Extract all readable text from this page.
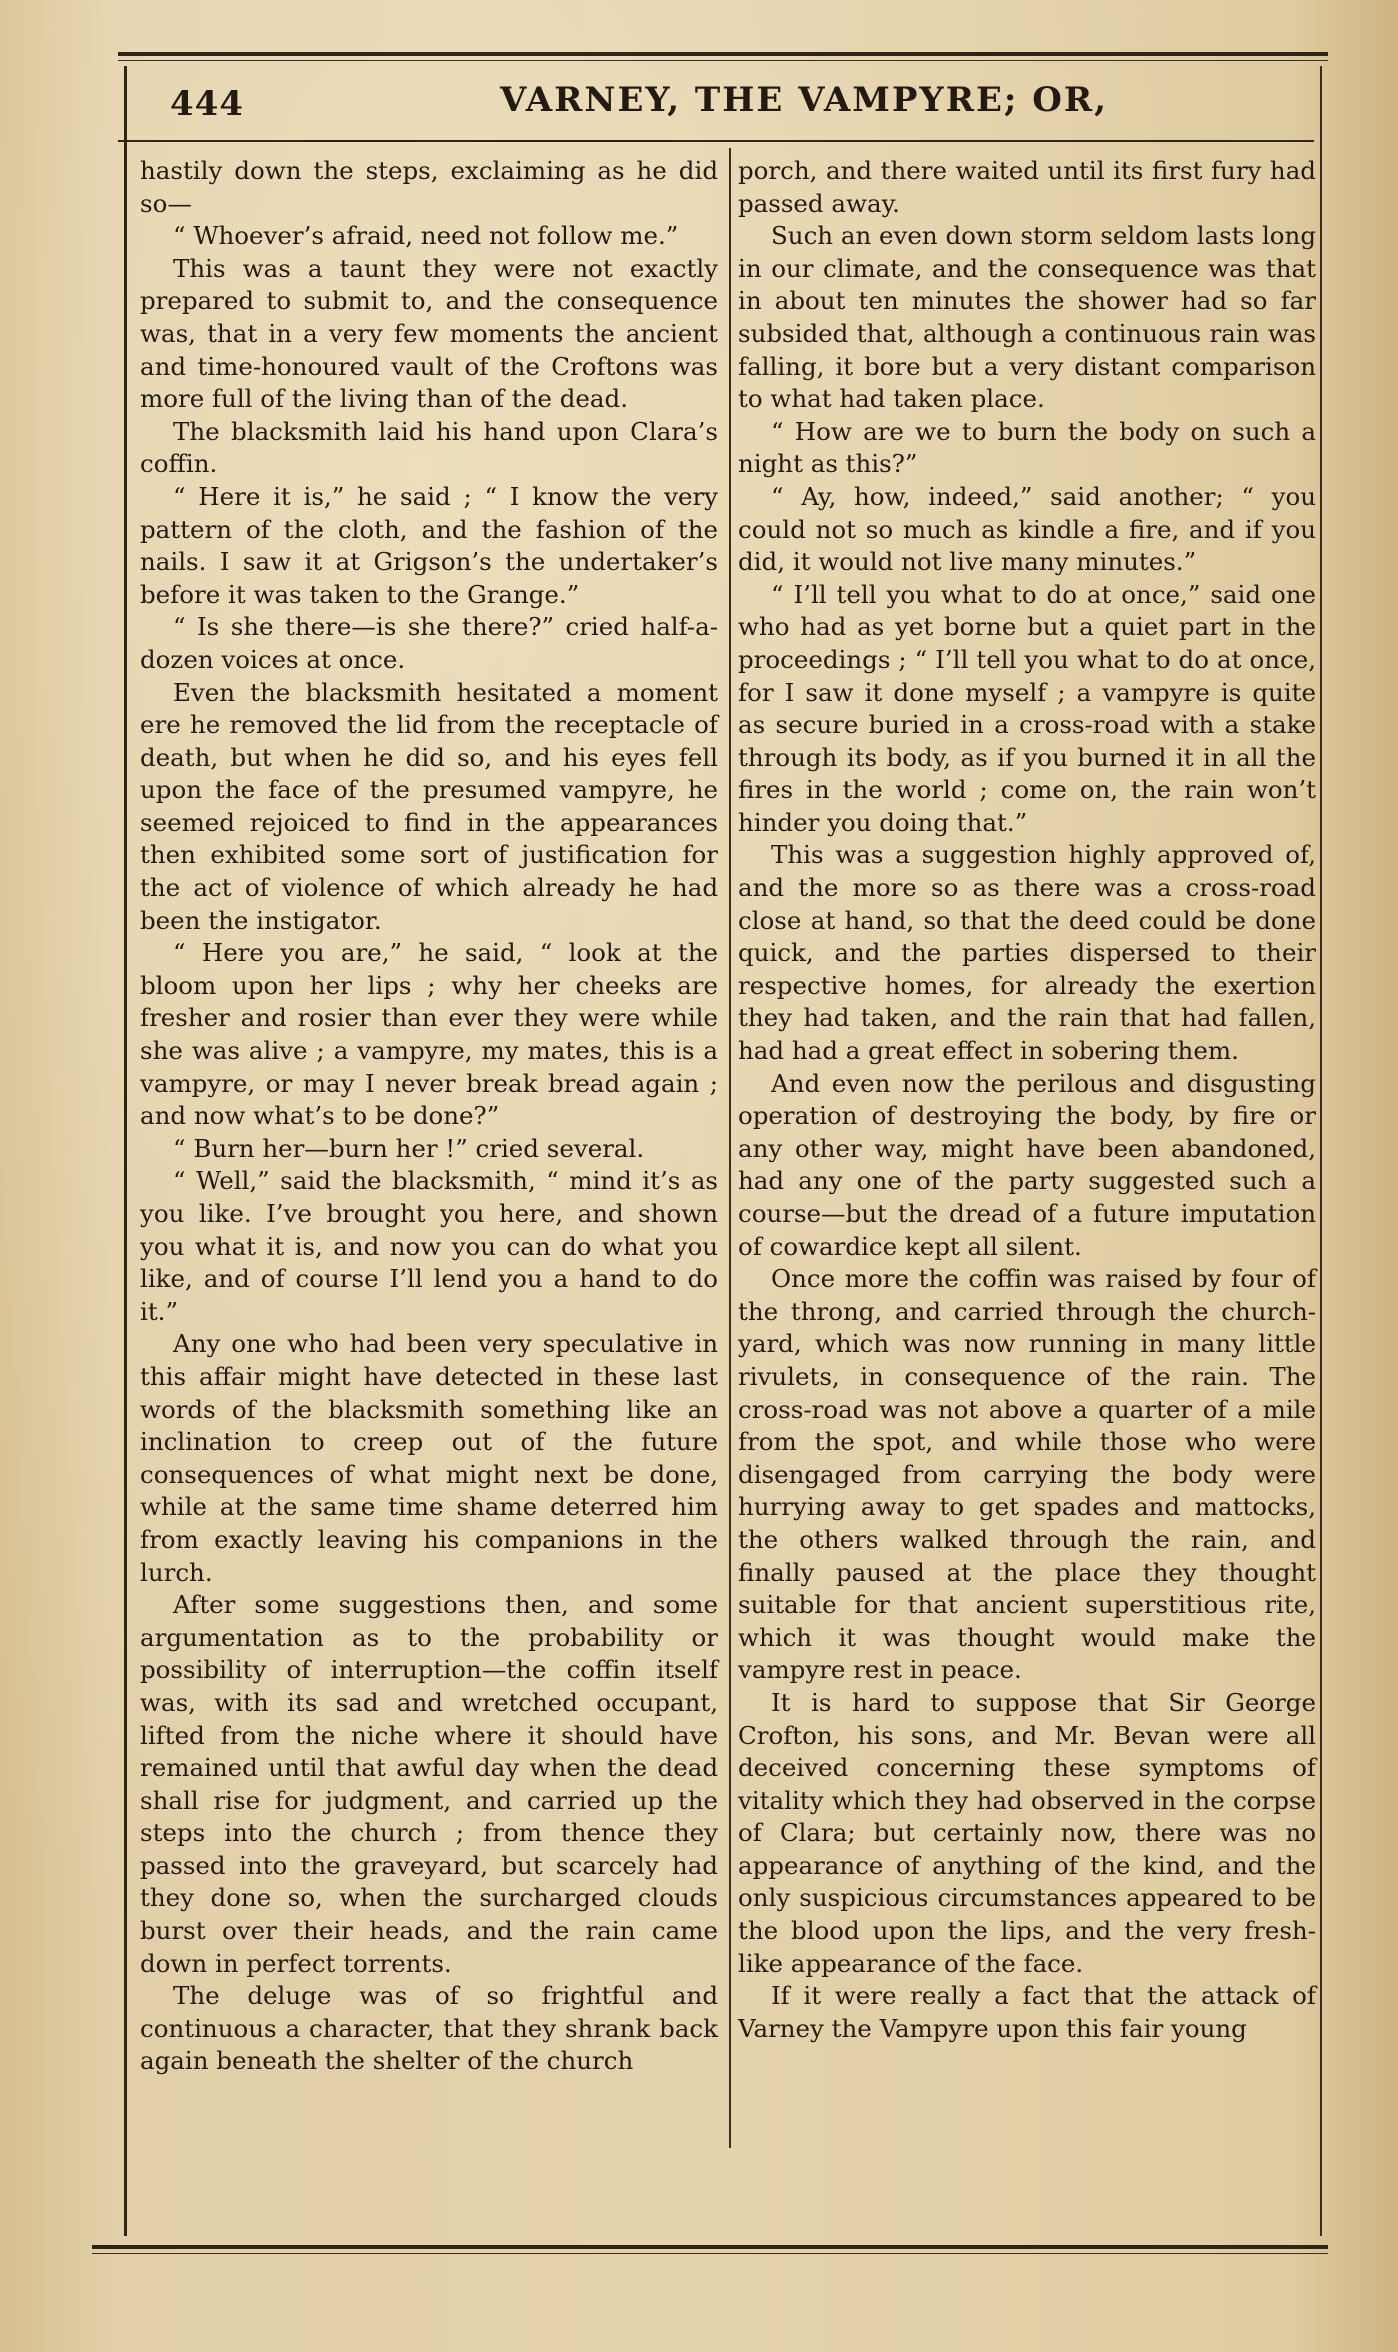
444	VARNEY, THE VAMPYRE; OR,

hastily down the steps, exclaiming as he did so—

“ Whoever’s afraid, need not follow me.”

This was a taunt they were not exactly prepared to submit to, and the consequence was, that in a very few moments the ancient and time-honoured vault of the Croftons was more full of the living than of the dead.

The blacksmith laid his hand upon Clara’s coffin.

“ Here it is,” he said ; “ I know the very pattern of the cloth, and the fashion of the nails. I saw it at Grigson’s the undertaker’s before it was taken to the Grange.”

“ Is she there—is she there?” cried half-a-dozen voices at once.

Even the blacksmith hesitated a moment ere he removed the lid from the receptacle of death, but when he did so, and his eyes fell upon the face of the presumed vampyre, he seemed rejoiced to find in the appearances then exhibited some sort of justification for the act of violence of which already he had been the instigator.

“ Here you are,” he said, “ look at the bloom upon her lips ; why her cheeks are fresher and rosier than ever they were while she was alive ; a vampyre, my mates, this is a vampyre, or may I never break bread again ; and now what’s to be done?”

“ Burn her—burn her !” cried several.

“ Well,” said the blacksmith, “ mind it’s as you like. I’ve brought you here, and shown you what it is, and now you can do what you like, and of course I’ll lend you a hand to do it.”

Any one who had been very speculative in this affair might have detected in these last words of the blacksmith something like an inclination to creep out of the future consequences of what might next be done, while at the same time shame deterred him from exactly leaving his companions in the lurch.

After some suggestions then, and some argumentation as to the probability or possibility of interruption—the coffin itself was, with its sad and wretched occupant, lifted from the niche where it should have remained until that awful day when the dead shall rise for judgment, and carried up the steps into the church ; from thence they passed into the graveyard, but scarcely had they done so, when the surcharged clouds burst over their heads, and the rain came down in perfect torrents.

The deluge was of so frightful and continuous a character, that they shrank back again beneath the shelter of the church

porch, and there waited until its first fury had passed away.

Such an even down storm seldom lasts long in our climate, and the consequence was that in about ten minutes the shower had so far subsided that, although a continuous rain was falling, it bore but a very distant comparison to what had taken place.

“ How are we to burn the body on such a night as this?”

“ Ay, how, indeed,” said another; “ you could not so much as kindle a fire, and if you did, it would not live many minutes.”

“ I’ll tell you what to do at once,” said one who had as yet borne but a quiet part in the proceedings ; “ I’ll tell you what to do at once, for I saw it done myself ; a vampyre is quite as secure buried in a cross-road with a stake through its body, as if you burned it in all the fires in the world ; come on, the rain won’t hinder you doing that.”

This was a suggestion highly approved of, and the more so as there was a cross-road close at hand, so that the deed could be done quick, and the parties dispersed to their respective homes, for already the exertion they had taken, and the rain that had fallen, had had a great effect in sobering them.

And even now the perilous and disgusting operation of destroying the body, by fire or any other way, might have been abandoned, had any one of the party suggested such a course—but the dread of a future imputation of cowardice kept all silent.

Once more the coffin was raised by four of the throng, and carried through the church-yard, which was now running in many little rivulets, in consequence of the rain. The cross-road was not above a quarter of a mile from the spot, and while those who were disengaged from carrying the body were hurrying away to get spades and mattocks, the others walked through the rain, and finally paused at the place they thought suitable for that ancient superstitious rite, which it was thought would make the vampyre rest in peace.

It is hard to suppose that Sir George Crofton, his sons, and Mr. Bevan were all deceived concerning these symptoms of vitality which they had observed in the corpse of Clara; but certainly now, there was no appearance of anything of the kind, and the only suspicious circumstances appeared to be the blood upon the lips, and the very fresh-like appearance of the face.

If it were really a fact that the attack of Varney the Vampyre upon this fair young
